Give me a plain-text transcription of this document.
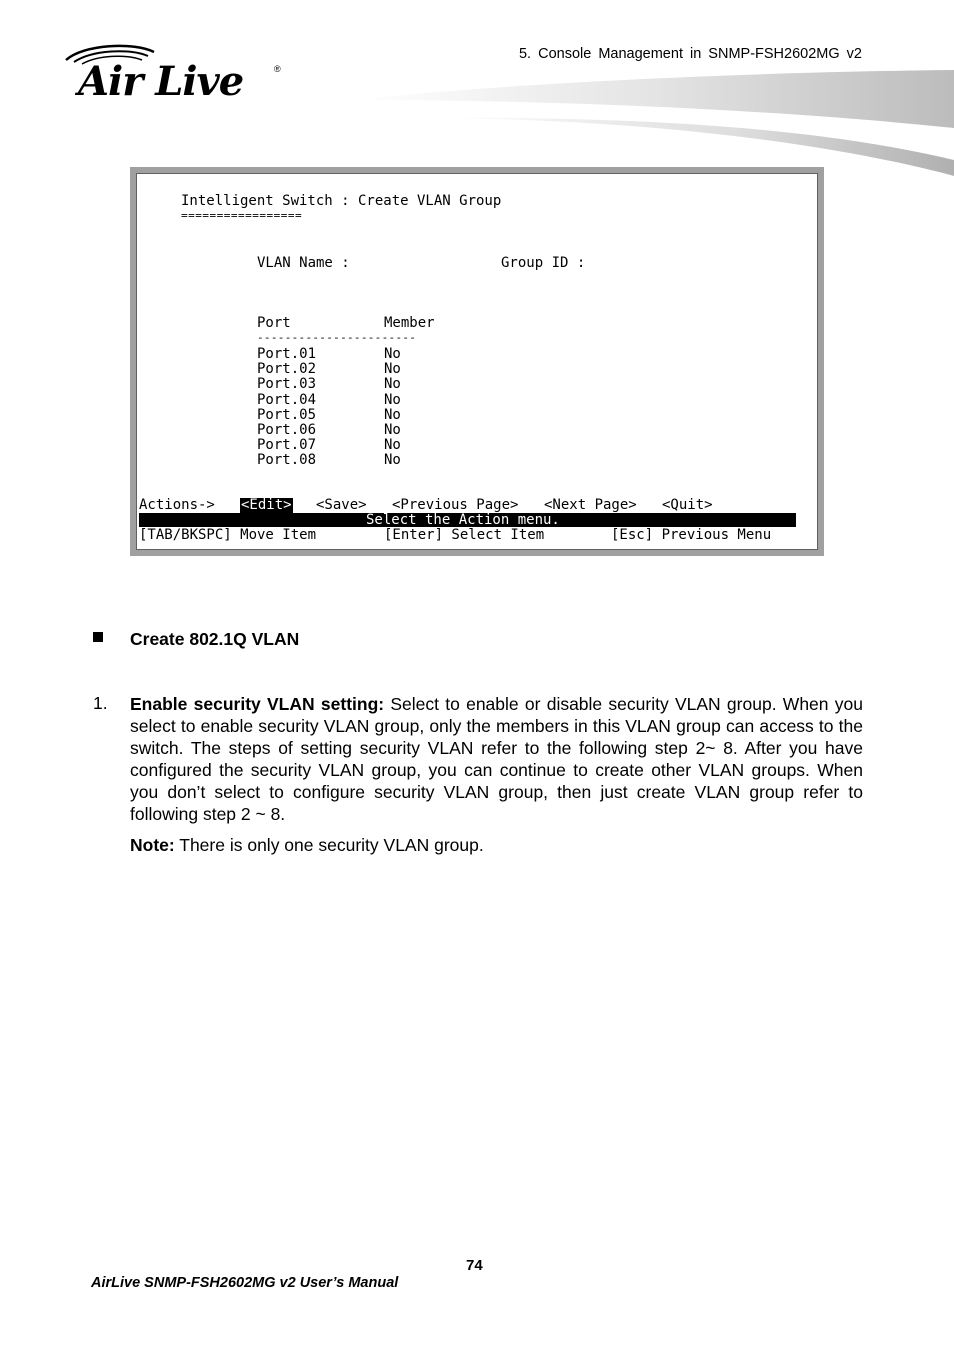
Air Live	®
5. Console Management in SNMP-FSH2602MG v2
Intelligent Switch : Create VLAN Group
=================
VLAN Name :	Group ID :
Port	Member
-----------------------
Port.01	No
Port.02	No
Port.03	No
Port.04	No
Port.05	No
Port.06	No
Port.07	No
Port.08	No
Actions-> <Edit> <Save> <Previous Page> <Next Page> <Quit>
Select the Action menu.
[TAB/BKSPC] Move Item	[Enter] Select Item	[Esc] Previous Menu
Create 802.1Q VLAN
1. Enable security VLAN setting: Select to enable or disable security VLAN group. When you select to enable security VLAN group, only the members in this VLAN group can access to the switch. The steps of setting security VLAN refer to the following step 2~ 8. After you have configured the security VLAN group, you can continue to create other VLAN groups. When you don’t select to configure security VLAN group, then just create VLAN group refer to following step 2 ~ 8.

Note: There is only one security VLAN group.

74
AirLive SNMP-FSH2602MG v2 User’s Manual
